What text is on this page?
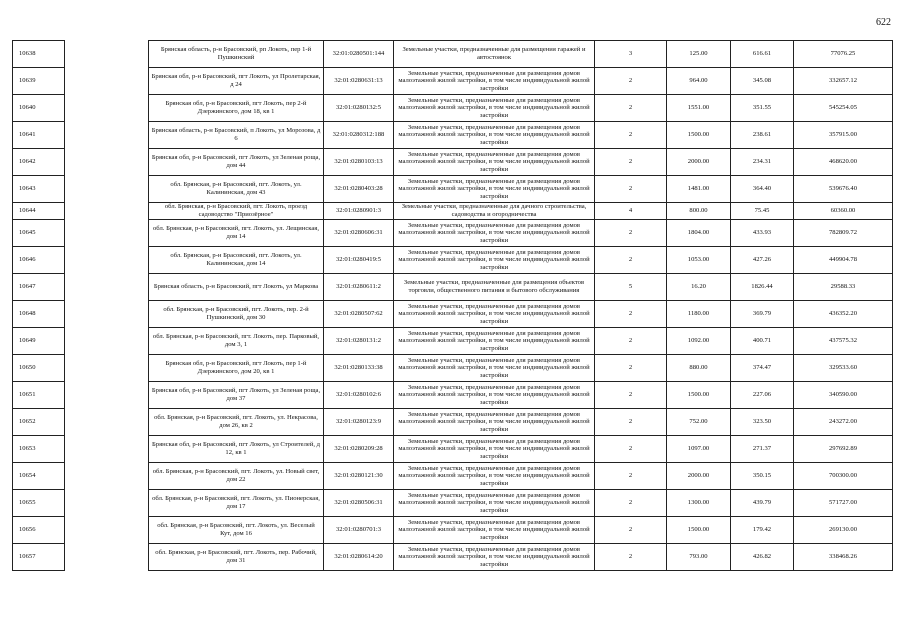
622
10638		Брянская область, р-н Брасовский, рп Локоть, пер 1-й Пушкинский	32:01:0280501:144	Земельные участки, предназначенные для размещения гаражей и автостоянок	3	125.00	616.61	77076.25
10639		Брянская обл, р-н Брасовский, пгт Локоть, ул Пролетарская, д 24	32:01:0280631:13	Земельные участки, предназначенные для размещения домов малоэтажной жилой застройки, в том числе индивидуальной жилой застройки	2	964.00	345.08	332657.12
10640		Брянская обл, р-н Брасовский, пгт Локоть, пер 2-й Дзержинского, дом 18, кв 1	32:01:0280132:5	Земельные участки, предназначенные для размещения домов малоэтажной жилой застройки, в том числе индивидуальной жилой застройки	2	1551.00	351.55	545254.05
10641		Брянская область, р-н Брасовский, п Локоть, ул Морозова, д 6	32:01:0280312:188	Земельные участки, предназначенные для размещения домов малоэтажной жилой застройки, в том числе индивидуальной жилой застройки	2	1500.00	238.61	357915.00
10642		Брянская обл, р-н Брасовский, пгт Локоть, ул Зеленая роща, дом 44	32:01:0280103:13	Земельные участки, предназначенные для размещения домов малоэтажной жилой застройки, в том числе индивидуальной жилой застройки	2	2000.00	234.31	468620.00
10643		обл. Брянская, р-н Брасовский, пгт. Локоть, ул. Калининская, дом 43	32:01:0280403:28	Земельные участки, предназначенные для размещения домов малоэтажной жилой застройки, в том числе индивидуальной жилой застройки	2	1481.00	364.40	539676.40
10644		обл. Брянская, р-н Брасовский, пгт. Локоть, проезд садоводство "Приозёрное"	32:01:0280901:3	Земельные участки, предназначенные для дачного строительства, садоводства и огородничества	4	800.00	75.45	60360.00
10645		обл. Брянская, р-н Брасовский, пгт. Локоть, ул. Лещинская, дом 14	32:01:0280606:31	Земельные участки, предназначенные для размещения домов малоэтажной жилой застройки, в том числе индивидуальной жилой застройки	2	1804.00	433.93	782809.72
10646		обл. Брянская, р-н Брасовский, пгт. Локоть, ул. Калининская, дом 14	32:01:0280419:5	Земельные участки, предназначенные для размещения домов малоэтажной жилой застройки, в том числе индивидуальной жилой застройки	2	1053.00	427.26	449904.78
10647		Брянская область, р-н Брасовский, пгт Локоть, ул Маркова	32:01:0280611:2	Земельные участки, предназначенные для размещения объектов торговли, общественного питания и бытового обслуживания	5	16.20	1826.44	29588.33
10648		обл. Брянская, р-н Брасовский, пгт. Локоть, пер. 2-й Пушкинский, дом 30	32:01:0280507:62	Земельные участки, предназначенные для размещения домов малоэтажной жилой застройки, в том числе индивидуальной жилой застройки	2	1180.00	369.79	436352.20
10649		обл. Брянская, р-н Брасовский, пгт. Локоть, пер. Парковый, дом 3, 1	32:01:0280131:2	Земельные участки, предназначенные для размещения домов малоэтажной жилой застройки, в том числе индивидуальной жилой застройки	2	1092.00	400.71	437575.32
10650		Брянская обл, р-н Брасовский, пгт Локоть, пер 1-й Дзержинского, дом 20, кв 1	32:01:0280133:38	Земельные участки, предназначенные для размещения домов малоэтажной жилой застройки, в том числе индивидуальной жилой застройки	2	880.00	374.47	329533.60
10651		Брянская обл, р-н Брасовский, пгт Локоть, ул Зеленая роща, дом 37	32:01:0280102:6	Земельные участки, предназначенные для размещения домов малоэтажной жилой застройки, в том числе индивидуальной жилой застройки	2	1500.00	227.06	340590.00
10652		обл. Брянская, р-н Брасовский, пгт. Локоть, ул. Некрасова, дом 26, кв 2	32:01:0280123:9	Земельные участки, предназначенные для размещения домов малоэтажной жилой застройки, в том числе индивидуальной жилой застройки	2	752.00	323.50	243272.00
10653		Брянская обл, р-н Брасовский, пгт Локоть, ул Строителей, д 12, кв 1	32:01:0280209:28	Земельные участки, предназначенные для размещения домов малоэтажной жилой застройки, в том числе индивидуальной жилой застройки	2	1097.00	271.37	297692.89
10654		обл. Брянская, р-н Брасовский, пгт. Локоть, ул. Новый свет, дом 22	32:01:0280121:30	Земельные участки, предназначенные для размещения домов малоэтажной жилой застройки, в том числе индивидуальной жилой застройки	2	2000.00	350.15	700300.00
10655		обл. Брянская, р-н Брасовский, пгт. Локоть, ул. Пионерская, дом 17	32:01:0280506:31	Земельные участки, предназначенные для размещения домов малоэтажной жилой застройки, в том числе индивидуальной жилой застройки	2	1300.00	439.79	571727.00
10656		обл. Брянская, р-н Брасовский, пгт. Локоть, ул. Веселый Кут, дом 16	32:01:0280701:3	Земельные участки, предназначенные для размещения домов малоэтажной жилой застройки, в том числе индивидуальной жилой застройки	2	1500.00	179.42	269130.00
10657		обл. Брянская, р-н Брасовский, пгт. Локоть, пер. Рабочий, дом 31	32:01:0280614:20	Земельные участки, предназначенные для размещения домов малоэтажной жилой застройки, в том числе индивидуальной жилой застройки	2	793.00	426.82	338468.26
